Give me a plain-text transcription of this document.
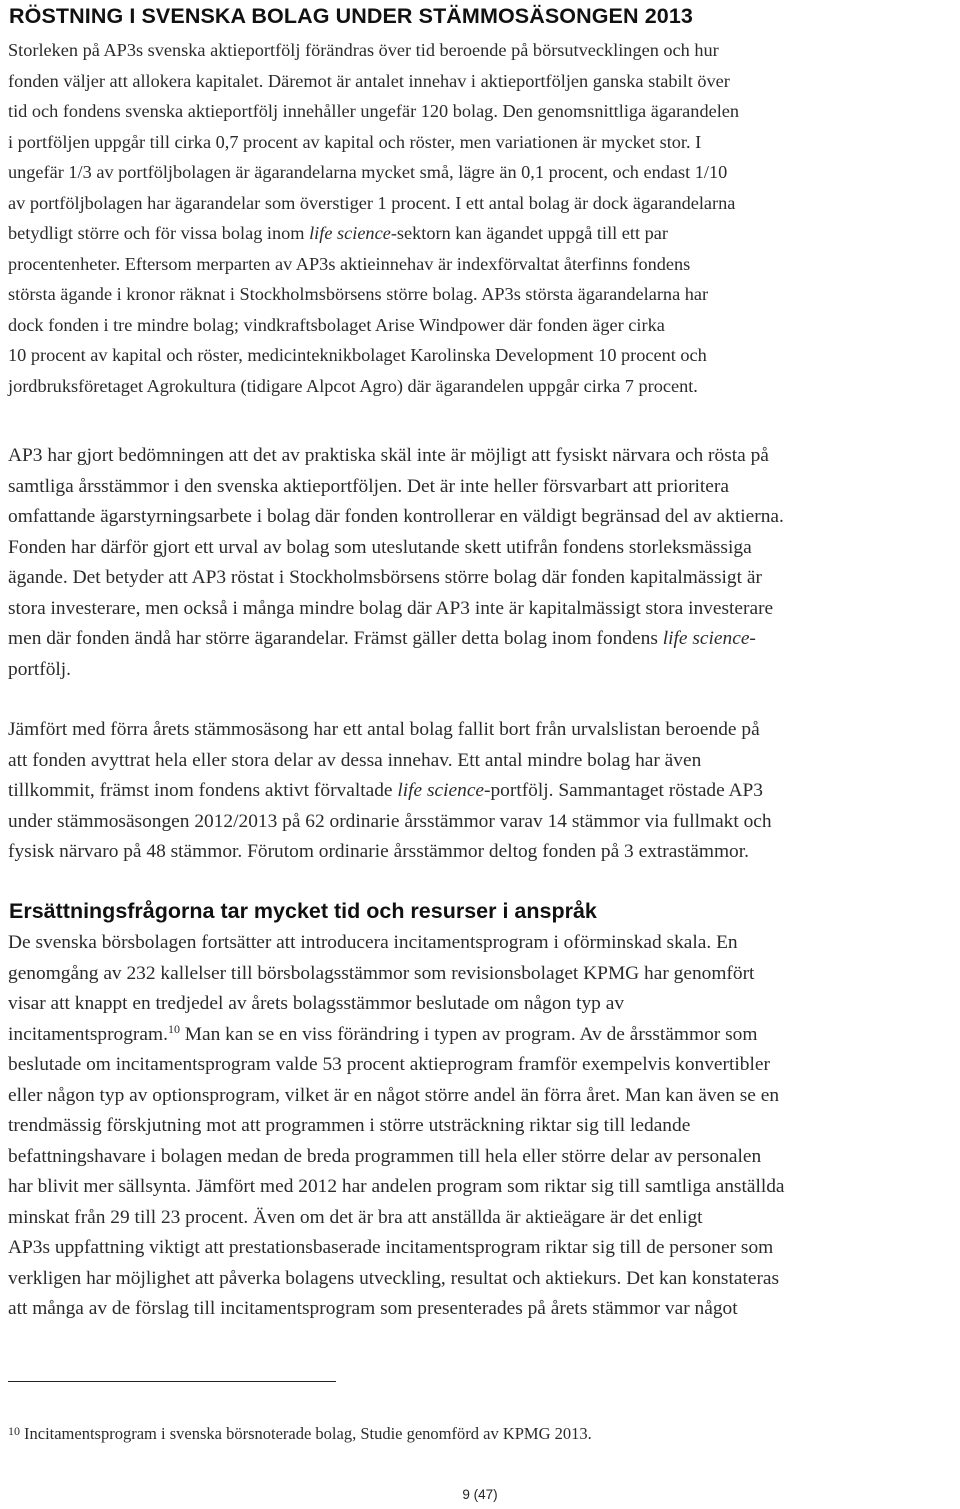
RÖSTNING I SVENSKA BOLAG UNDER STÄMMOSÄSONGEN 2013
Storleken på AP3s svenska aktieportfölj förändras över tid beroende på börsutvecklingen och hur
fonden väljer att allokera kapitalet. Däremot är antalet innehav i aktieportföljen ganska stabilt över
tid och fondens svenska aktieportfölj innehåller ungefär 120 bolag. Den genomsnittliga ägarandelen
i portföljen uppgår till cirka 0,7 procent av kapital och röster, men variationen är mycket stor. I
ungefär 1/3 av portföljbolagen är ägarandelarna mycket små, lägre än 0,1 procent, och endast 1/10
av portföljbolagen har ägarandelar som överstiger 1 procent. I ett antal bolag är dock ägarandelarna
betydligt större och för vissa bolag inom life science-sektorn kan ägandet uppgå till ett par
procentenheter. Eftersom merparten av AP3s aktieinnehav är indexförvaltat återfinns fondens
största ägande i kronor räknat i Stockholmsbörsens större bolag. AP3s största ägarandelarna har
dock fonden i tre mindre bolag; vindkraftsbolaget Arise Windpower där fonden äger cirka
10 procent av kapital och röster, medicinteknikbolaget Karolinska Development 10 procent och
jordbruksföretaget Agrokultura (tidigare Alpcot Agro) där ägarandelen uppgår cirka 7 procent.
AP3 har gjort bedömningen att det av praktiska skäl inte är möjligt att fysiskt närvara och rösta på
samtliga årsstämmor i den svenska aktieportföljen. Det är inte heller försvarbart att prioritera
omfattande ägarstyrningsarbete i bolag där fonden kontrollerar en väldigt begränsad del av aktierna.
Fonden har därför gjort ett urval av bolag som uteslutande skett utifrån fondens storleksmässiga
ägande. Det betyder att AP3 röstat i Stockholmsbörsens större bolag där fonden kapitalmässigt är
stora investerare, men också i många mindre bolag där AP3 inte är kapitalmässigt stora investerare
men där fonden ändå har större ägarandelar. Främst gäller detta bolag inom fondens life science-
portfölj.
Jämfört med förra årets stämmosäsong har ett antal bolag fallit bort från urvalslistan beroende på
att fonden avyttrat hela eller stora delar av dessa innehav. Ett antal mindre bolag har även
tillkommit, främst inom fondens aktivt förvaltade life science-portfölj. Sammantaget röstade AP3
under stämmosäsongen 2012/2013 på 62 ordinarie årsstämmor varav 14 stämmor via fullmakt och
fysisk närvaro på 48 stämmor. Förutom ordinarie årsstämmor deltog fonden på 3 extrastämmor.
Ersättningsfrågorna tar mycket tid och resurser i anspråk
De svenska börsbolagen fortsätter att introducera incitamentsprogram i oförminskad skala. En
genomgång av 232 kallelser till börsbolagsstämmor som revisionsbolaget KPMG har genomfört
visar att knappt en tredjedel av årets bolagsstämmor beslutade om någon typ av
incitamentsprogram.$^{10}$ Man kan se en viss förändring i typen av program. Av de årsstämmor som
beslutade om incitamentsprogram valde 53 procent aktieprogram framför exempelvis konvertibler
eller någon typ av optionsprogram, vilket är en något större andel än förra året. Man kan även se en
trendmässig förskjutning mot att programmen i större utsträckning riktar sig till ledande
befattningshavare i bolagen medan de breda programmen till hela eller större delar av personalen
har blivit mer sällsynta. Jämfört med 2012 har andelen program som riktar sig till samtliga anställda
minskat från 29 till 23 procent. Även om det är bra att anställda är aktieägare är det enligt
AP3s uppfattning viktigt att prestationsbaserade incitamentsprogram riktar sig till de personer som
verkligen har möjlighet att påverka bolagens utveckling, resultat och aktiekurs. Det kan konstateras
att många av de förslag till incitamentsprogram som presenterades på årets stämmor var något

$^{10}$ Incitamentsprogram i svenska börsnoterade bolag, Studie genomförd av KPMG 2013.

9 (47)
